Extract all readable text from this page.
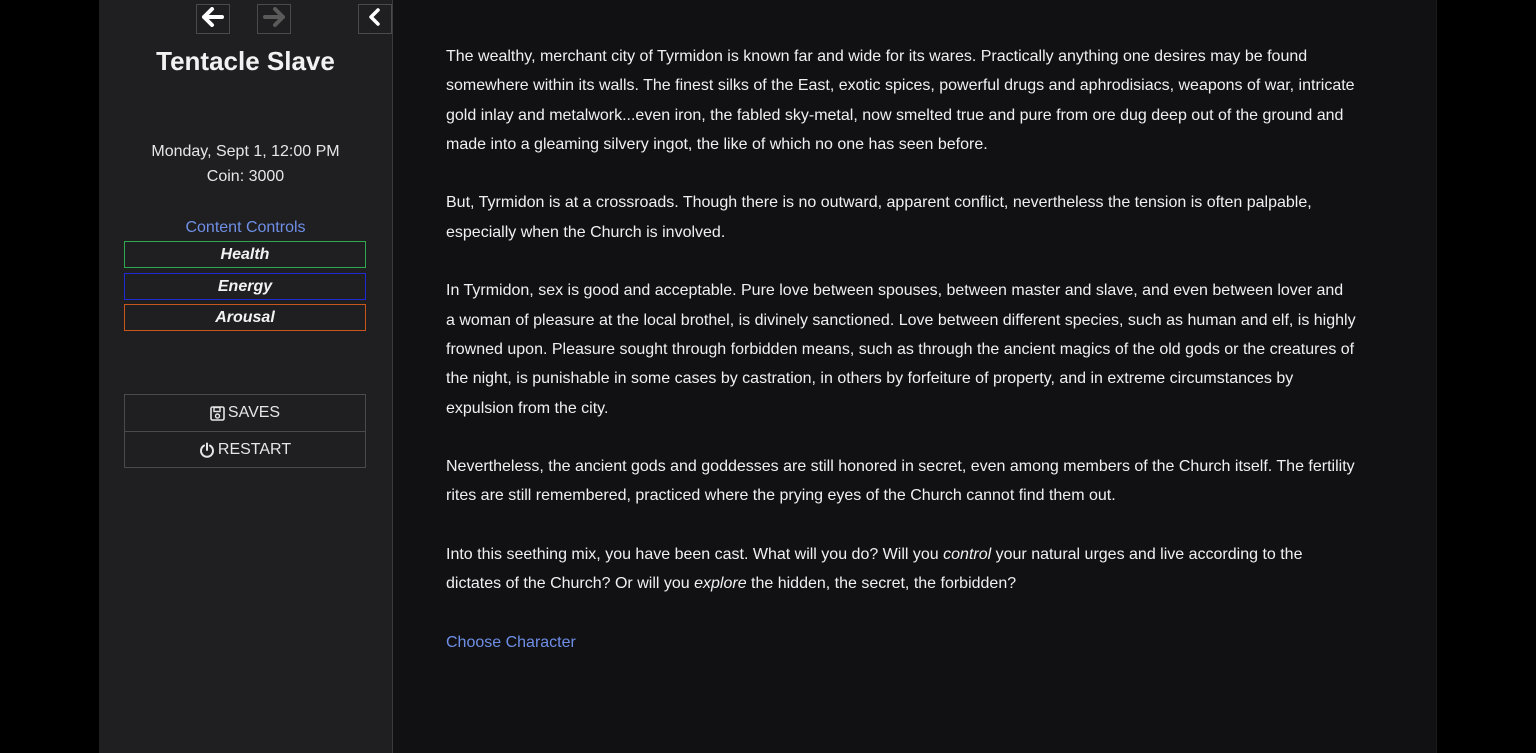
Tentacle Slave
Monday, Sept 1, 12:00 PM
Coin: 3000
Content Controls
Health
Energy
Arousal
SAVES
RESTART

The wealthy, merchant city of Tyrmidon is known far and wide for its wares. Practically anything one desires may be found somewhere within its walls. The finest silks of the East, exotic spices, powerful drugs and aphrodisiacs, weapons of war, intricate gold inlay and metalwork...even iron, the fabled sky-metal, now smelted true and pure from ore dug deep out of the ground and made into a gleaming silvery ingot, the like of which no one has seen before.

But, Tyrmidon is at a crossroads. Though there is no outward, apparent conflict, nevertheless the tension is often palpable, especially when the Church is involved.

In Tyrmidon, sex is good and acceptable. Pure love between spouses, between master and slave, and even between lover and a woman of pleasure at the local brothel, is divinely sanctioned. Love between different species, such as human and elf, is highly frowned upon. Pleasure sought through forbidden means, such as through the ancient magics of the old gods or the creatures of the night, is punishable in some cases by castration, in others by forfeiture of property, and in extreme circumstances by expulsion from the city.

Nevertheless, the ancient gods and goddesses are still honored in secret, even among members of the Church itself. The fertility rites are still remembered, practiced where the prying eyes of the Church cannot find them out.

Into this seething mix, you have been cast. What will you do? Will you control your natural urges and live according to the dictates of the Church? Or will you explore the hidden, the secret, the forbidden?

Choose Character
